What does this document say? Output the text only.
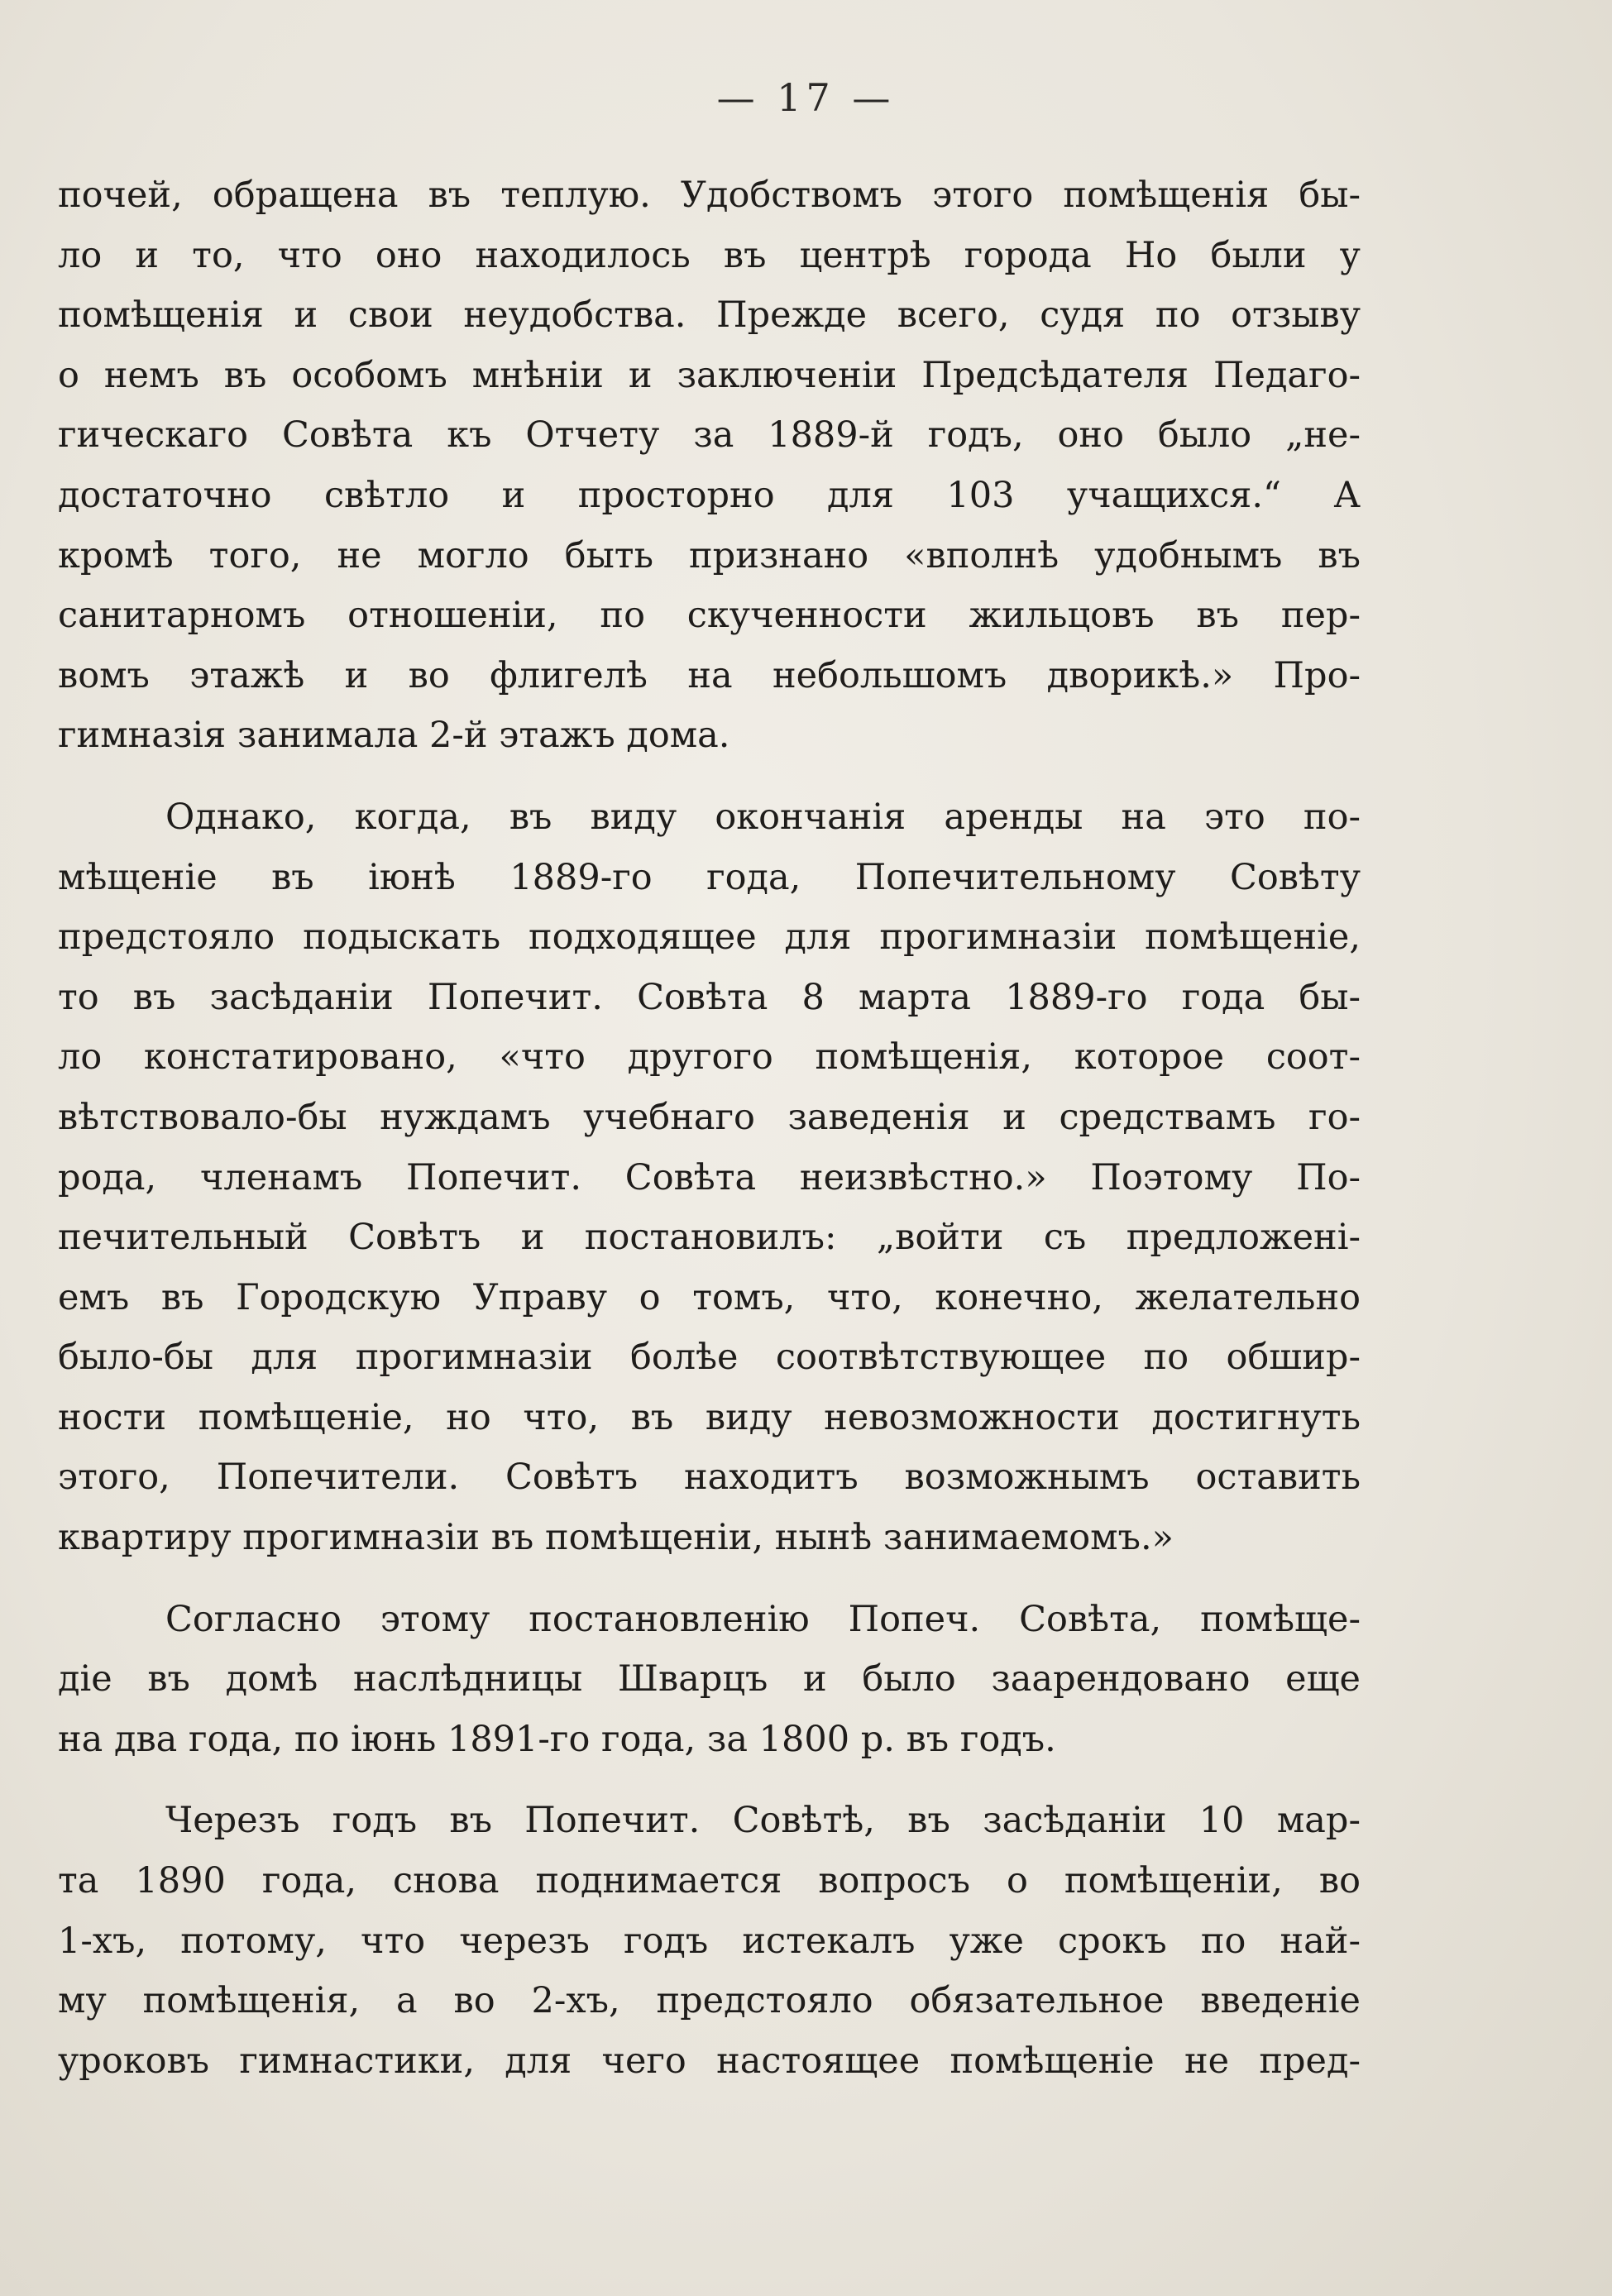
— 17 —
почей, обращена въ теплую. Удобствомъ этого помѣщенія бы-
ло и то, что оно находилось въ центрѣ города Но были у
помѣщенія и свои неудобства. Прежде всего, судя по отзыву
о немъ въ особомъ мнѣніи и заключеніи Предсѣдателя Педаго-
гическаго Совѣта къ Отчету за 1889-й годъ, оно было „не-
достаточно свѣтло и просторно для 103 учащихся.“ А
кромѣ того, не могло быть признано «вполнѣ удобнымъ въ
санитарномъ отношеніи, по скученности жильцовъ въ пер-
вомъ этажѣ и во флигелѣ на небольшомъ дворикѣ.» Про-
гимназія занимала 2-й этажъ дома.
Однако, когда, въ виду окончанія аренды на это по-
мѣщеніе въ іюнѣ 1889-го года, Попечительному Совѣту
предстояло подыскать подходящее для прогимназіи помѣщеніе,
то въ засѣданіи Попечит. Совѣта 8 марта 1889-го года бы-
ло констатировано, «что другого помѣщенія, которое соот-
вѣтствовало-бы нуждамъ учебнаго заведенія и средствамъ го-
рода, членамъ Попечит. Совѣта неизвѣстно.» Поэтому По-
печительный Совѣтъ и постановилъ: „войти съ предложені-
емъ въ Городскую Управу о томъ, что, конечно, желательно
было-бы для прогимназіи болѣе соотвѣтствующее по обшир-
ности помѣщеніе, но что, въ виду невозможности достигнуть
этого, Попечители. Совѣтъ находитъ возможнымъ оставить
квартиру прогимназіи въ помѣщеніи, нынѣ занимаемомъ.»
Согласно этому постановленію Попеч. Совѣта, помѣще-
діе въ домѣ наслѣдницы Шварцъ и было заарендовано еще
на два года, по іюнь 1891-го года, за 1800 р. въ годъ.
Черезъ годъ въ Попечит. Совѣтѣ, въ засѣданіи 10 мар-
та 1890 года, снова поднимается вопросъ о помѣщеніи, во
1-хъ, потому, что черезъ годъ истекалъ уже срокъ по най-
му помѣщенія, а во 2-хъ, предстояло обязательное введеніе
уроковъ гимнастики, для чего настоящее помѣщеніе не пред-
